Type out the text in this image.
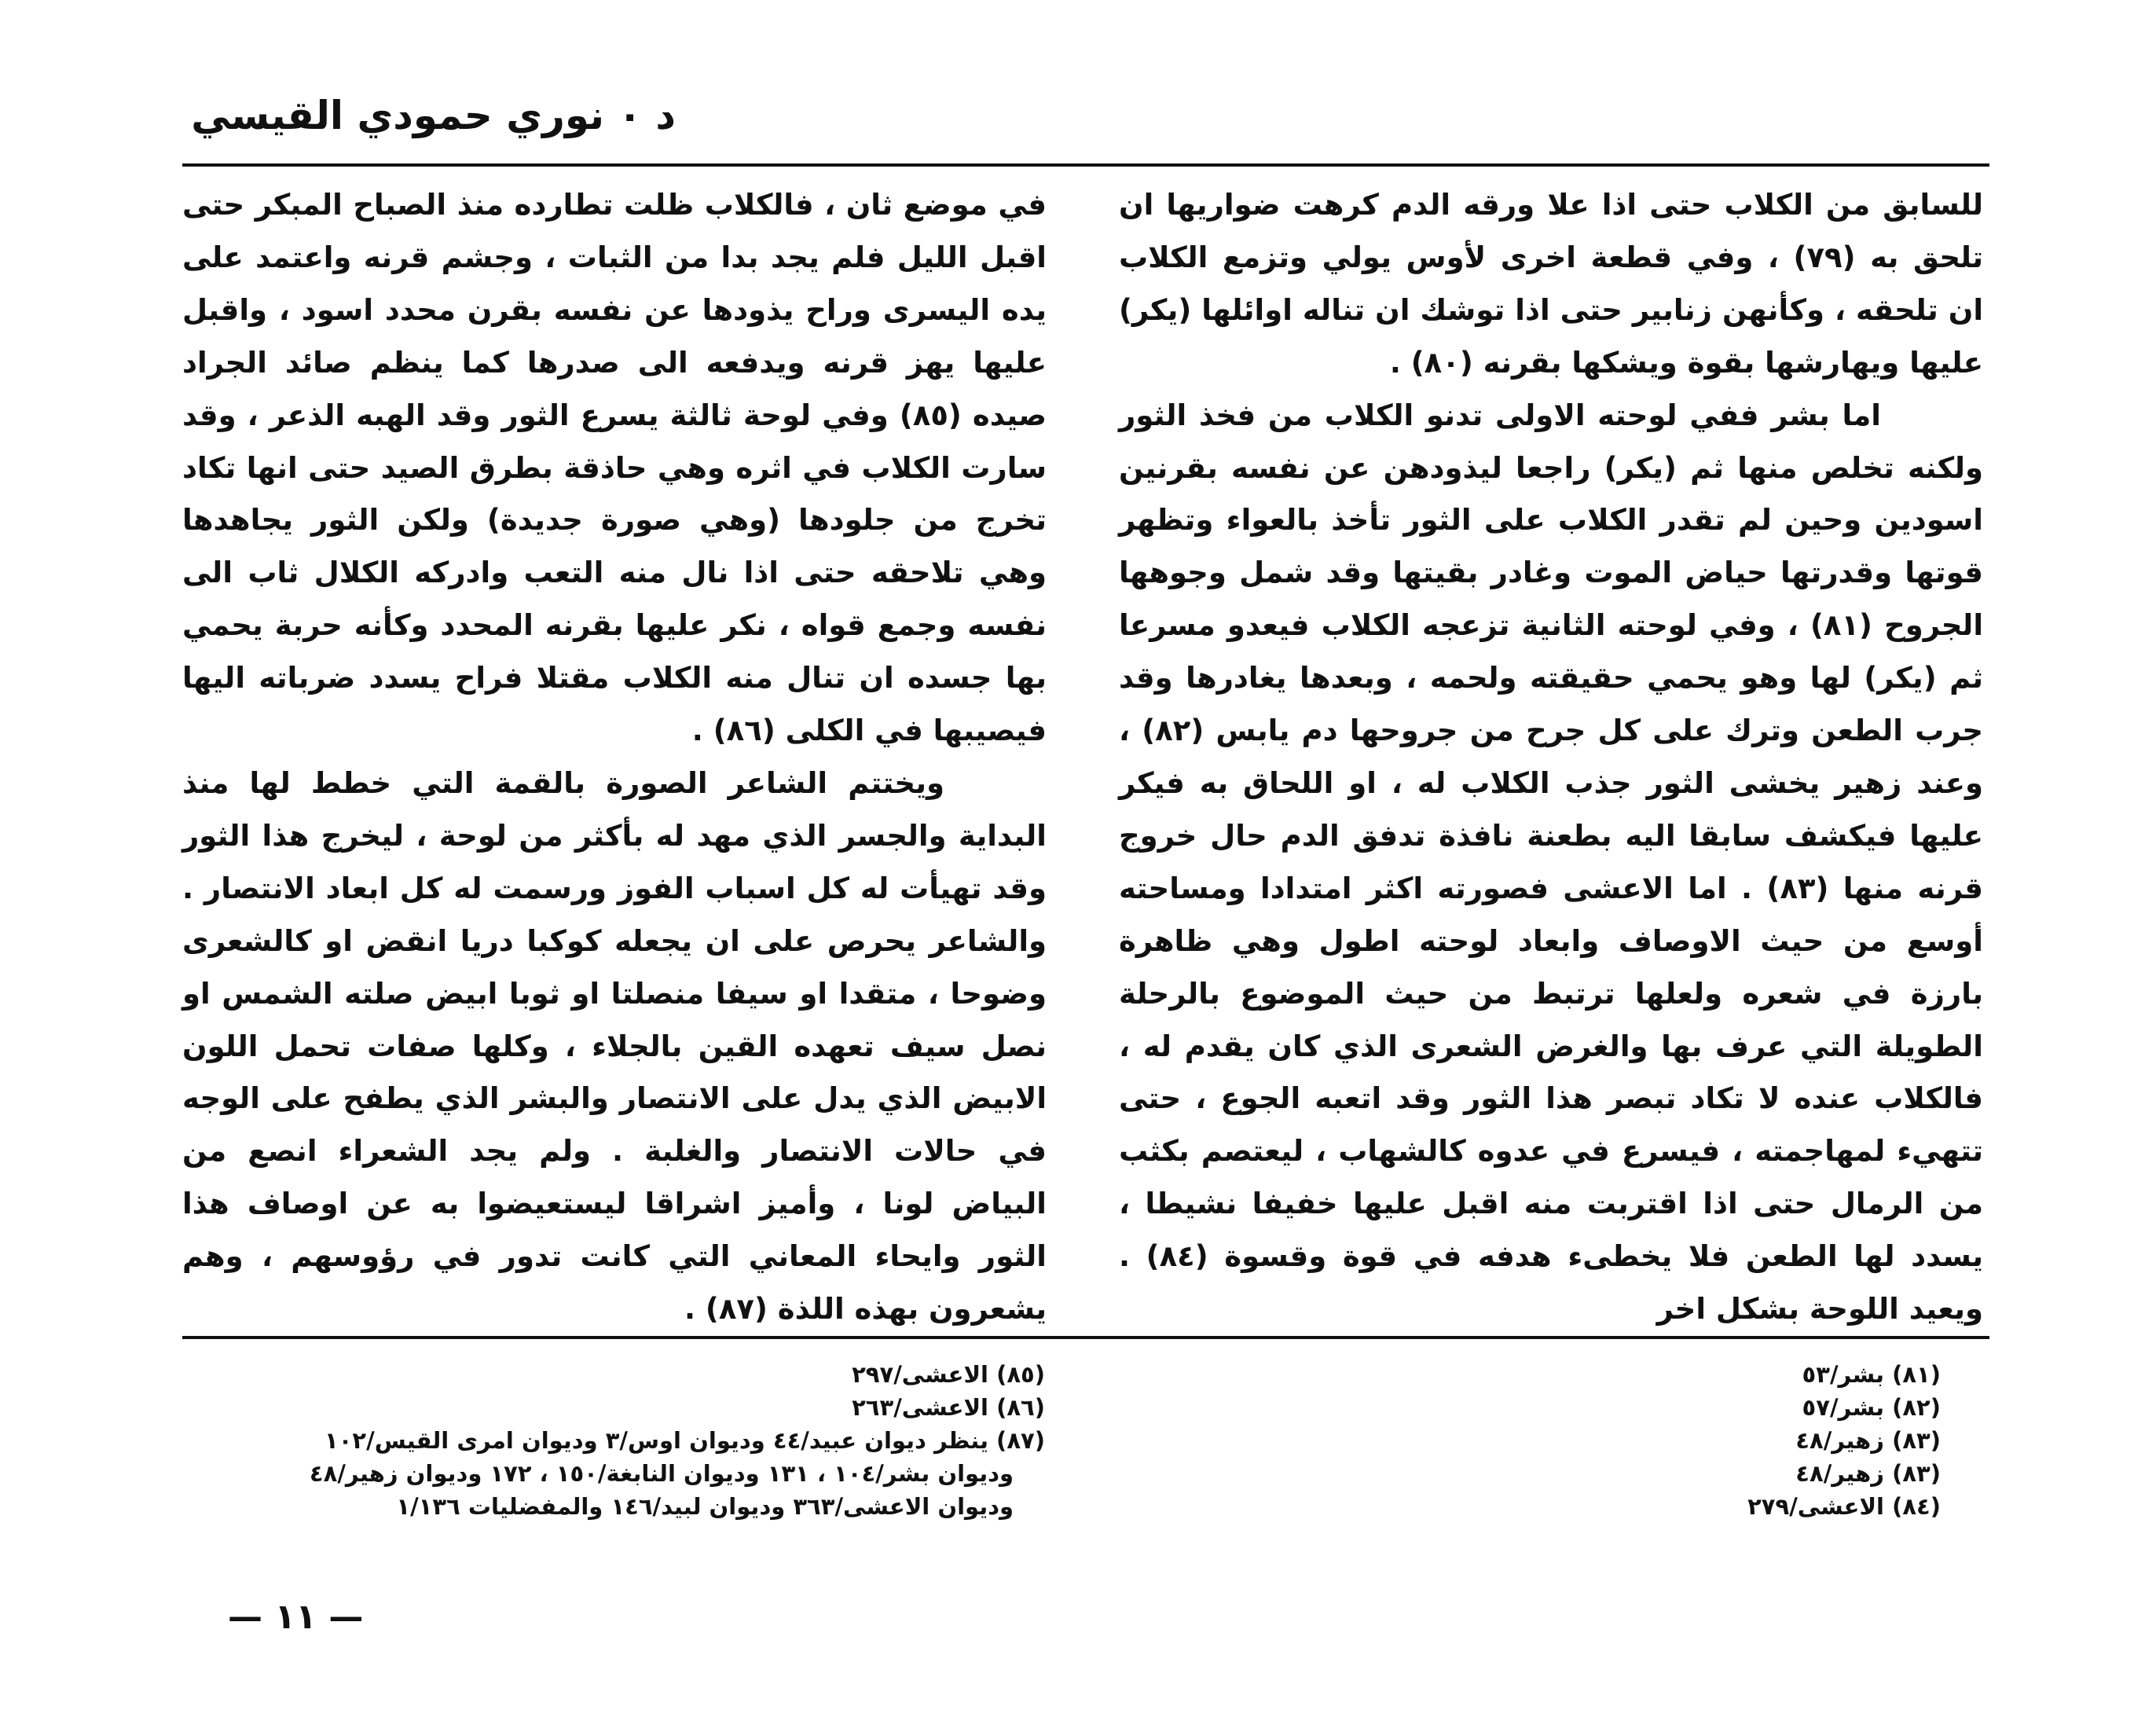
د ٠ نوري حمودي القيسي

للسابق من الكلاب حتى اذا علا ورقه الدم كرهت ضواريها ان تلحق به (٧٩) ، وفي قطعة اخرى لأوس يولي وتزمع الكلاب ان تلحقه ، وكأنهن زنابير حتى اذا توشك ان تناله اوائلها (يكر) عليها ويهارشها بقوة ويشكها بقرنه (٨٠) .

اما بشر ففي لوحته الاولى تدنو الكلاب من فخذ الثور ولكنه تخلص منها ثم (يكر) راجعا ليذودهن عن نفسه بقرنين اسودين وحين لم تقدر الكلاب على الثور تأخذ بالعواء وتظهر قوتها وقدرتها حياض الموت وغادر بقيتها وقد شمل وجوهها الجروح (٨١) ، وفي لوحته الثانية تزعجه الكلاب فيعدو مسرعا ثم (يكر) لها وهو يحمي حقيقته ولحمه ، وبعدها يغادرها وقد جرب الطعن وترك على كل جرح من جروحها دم يابس (٨٢) ، وعند زهير يخشى الثور جذب الكلاب له ، او اللحاق به فيكر عليها فيكشف سابقا اليه بطعنة نافذة تدفق الدم حال خروج قرنه منها (٨٣) . اما الاعشى فصورته اكثر امتدادا ومساحته أوسع من حيث الاوصاف وابعاد لوحته اطول وهي ظاهرة بارزة في شعره ولعلها ترتبط من حيث الموضوع بالرحلة الطويلة التي عرف بها والغرض الشعرى الذي كان يقدم له ، فالكلاب عنده لا تكاد تبصر هذا الثور وقد اتعبه الجوع ، حتى تتهيء لمهاجمته ، فيسرع في عدوه كالشهاب ، ليعتصم بكثب من الرمال حتى اذا اقتربت منه اقبل عليها خفيفا نشيطا ، يسدد لها الطعن فلا يخطىء هدفه في قوة وقسوة (٨٤) . ويعيد اللوحة بشكل اخر

في موضع ثان ، فالكلاب ظلت تطارده منذ الصباح المبكر حتى اقبل الليل فلم يجد بدا من الثبات ، وجشم قرنه واعتمد على يده اليسرى وراح يذودها عن نفسه بقرن محدد اسود ، واقبل عليها يهز قرنه ويدفعه الى صدرها كما ينظم صائد الجراد صيده (٨٥) وفي لوحة ثالثة يسرع الثور وقد الهبه الذعر ، وقد سارت الكلاب في اثره وهي حاذقة بطرق الصيد حتى انها تكاد تخرج من جلودها (وهي صورة جديدة) ولكن الثور يجاهدها وهي تلاحقه حتى اذا نال منه التعب وادركه الكلال ثاب الى نفسه وجمع قواه ، نكر عليها بقرنه المحدد وكأنه حربة يحمي بها جسده ان تنال منه الكلاب مقتلا فراح يسدد ضرباته اليها فيصيبها في الكلى (٨٦) .

ويختتم الشاعر الصورة بالقمة التي خطط لها منذ البداية والجسر الذي مهد له بأكثر من لوحة ، ليخرج هذا الثور وقد تهيأت له كل اسباب الفوز ورسمت له كل ابعاد الانتصار . والشاعر يحرص على ان يجعله كوكبا دريا انقض او كالشعرى وضوحا ، متقدا او سيفا منصلتا او ثوبا ابيض صلته الشمس او نصل سيف تعهده القين بالجلاء ، وكلها صفات تحمل اللون الابيض الذي يدل على الانتصار والبشر الذي يطفح على الوجه في حالات الانتصار والغلبة . ولم يجد الشعراء انصع من البياض لونا ، وأميز اشراقا ليستعيضوا به عن اوصاف هذا الثور وايحاء المعاني التي كانت تدور في رؤوسهم ، وهم يشعرون بهذه اللذة (٨٧) .

(٨١) بشر/٥٣
(٨٢) بشر/٥٧
(٨٣) زهير/٤٨
(٨٣) زهير/٤٨
(٨٤) الاعشى/٢٧٩
(٨٥) الاعشى/٢٩٧
(٨٦) الاعشى/٢٦٣
(٨٧) ينظر ديوان عبيد/٤٤ وديوان اوس/٣ وديوان امرى القيس/١٠٢
وديوان بشر/١٠٤ ، ١٣١ وديوان النابغة/١٥٠ ، ١٧٢ وديوان زهير/٤٨
وديوان الاعشى/٣٦٣ وديوان لبيد/١٤٦ والمفضليات ١/١٣٦
— ١١ —
